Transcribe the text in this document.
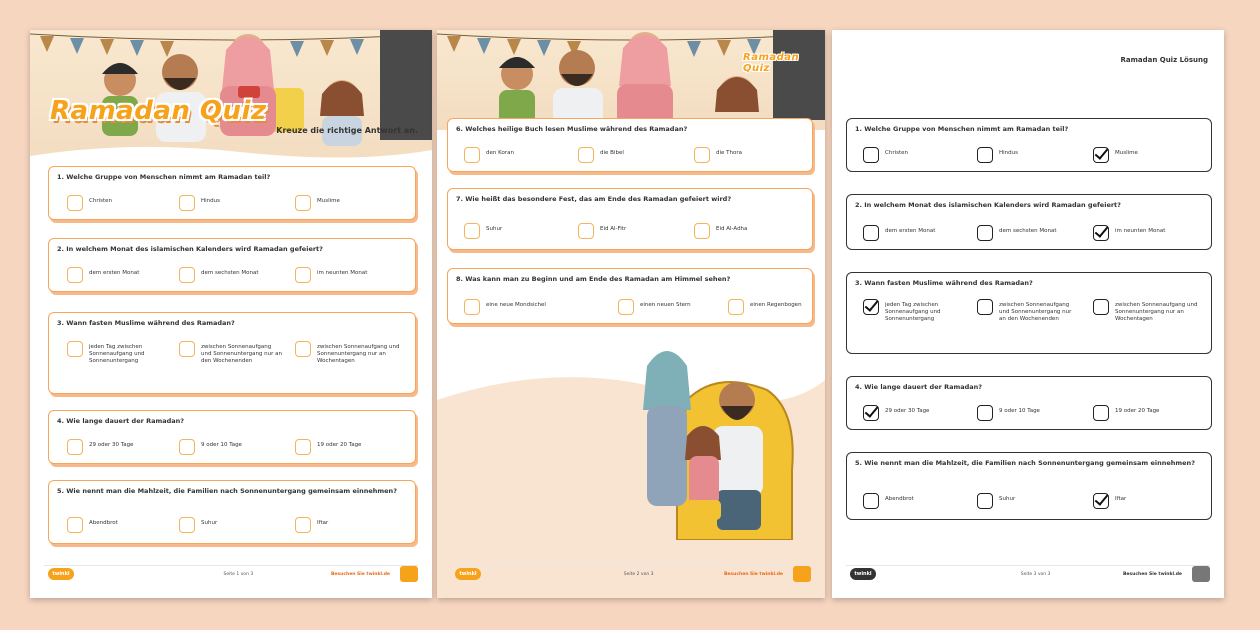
Ramadan Quiz
Kreuze die richtige Antwort an.
1. Welche Gruppe von Menschen nimmt am Ramadan teil?
Christen	Hindus	Muslime
2. In welchem Monat des islamischen Kalenders wird Ramadan gefeiert?
dem ersten Monat	dem sechsten Monat	im neunten Monat
3. Wann fasten Muslime während des Ramadan?
jeden Tag zwischen Sonnenaufgang und Sonnenuntergang
zwischen Sonnenaufgang und Sonnenuntergang nur an den Wochenenden
zwischen Sonnenaufgang und Sonnenuntergang nur an Wochentagen
4. Wie lange dauert der Ramadan?
29 oder 30 Tage	9 oder 10 Tage	19 oder 20 Tage
5. Wie nennt man die Mahlzeit, die Familien nach Sonnenuntergang gemeinsam einnehmen?
Abendbrot	Suhur	Iftar
twinkl	Seite 1 von 3	Besuchen Sie twinkl.de
Ramadan Quiz
6. Welches heilige Buch lesen Muslime während des Ramadan?
den Koran	die Bibel	die Thora
7. Wie heißt das besondere Fest, das am Ende des Ramadan gefeiert wird?
Suhur	Eid Al-Fitr	Eid Al-Adha
8. Was kann man zu Beginn und am Ende des Ramadan am Himmel sehen?
eine neue Mondsichel	einen neuen Stern	einen Regenbogen
twinkl	Seite 2 von 3	Besuchen Sie twinkl.de
Ramadan Quiz Lösung
1. Welche Gruppe von Menschen nimmt am Ramadan teil?
Christen	Hindus	Muslime
2. In welchem Monat des islamischen Kalenders wird Ramadan gefeiert?
dem ersten Monat	dem sechsten Monat	im neunten Monat
3. Wann fasten Muslime während des Ramadan?
jeden Tag zwischen Sonnenaufgang und Sonnenuntergang
zwischen Sonnenaufgang und Sonnenuntergang nur an den Wochenenden
zwischen Sonnenaufgang und Sonnenuntergang nur an Wochentagen
4. Wie lange dauert der Ramadan?
29 oder 30 Tage	9 oder 10 Tage	19 oder 20 Tage
5. Wie nennt man die Mahlzeit, die Familien nach Sonnenuntergang gemeinsam einnehmen?
Abendbrot	Suhur	Iftar
twinkl	Seite 3 von 3	Besuchen Sie twinkl.de
